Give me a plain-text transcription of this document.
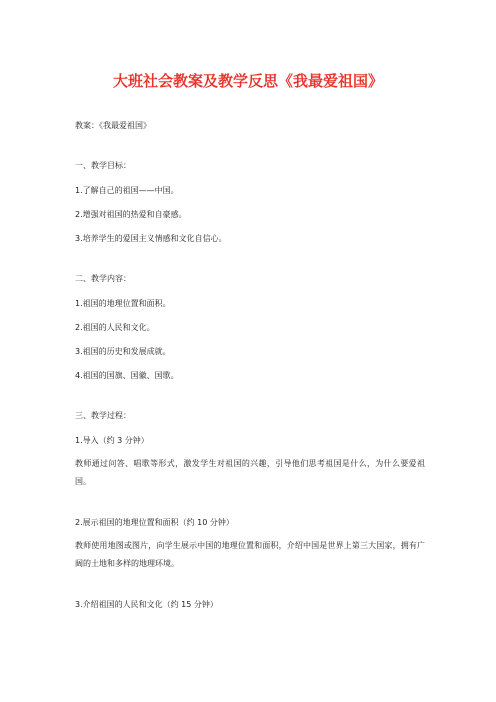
大班社会教案及教学反思《我最爱祖国》
教案：《我最爱祖国》
一、教学目标：
1.了解自己的祖国——中国。
2.增强对祖国的热爱和自豪感。
3.培养学生的爱国主义情感和文化自信心。
二、教学内容：
1.祖国的地理位置和面积。
2.祖国的人民和文化。
3.祖国的历史和发展成就。
4.祖国的国旗、国徽、国歌。
三、教学过程：
1.导入（约 3 分钟）
教师通过问答、唱歌等形式，激发学生对祖国的兴趣，引导他们思考祖国是什么，为什么要爱祖国。
2.展示祖国的地理位置和面积（约 10 分钟）
教师使用地图或图片，向学生展示中国的地理位置和面积，介绍中国是世界上第三大国家，拥有广阔的土地和多样的地理环境。
3.介绍祖国的人民和文化（约 15 分钟）
